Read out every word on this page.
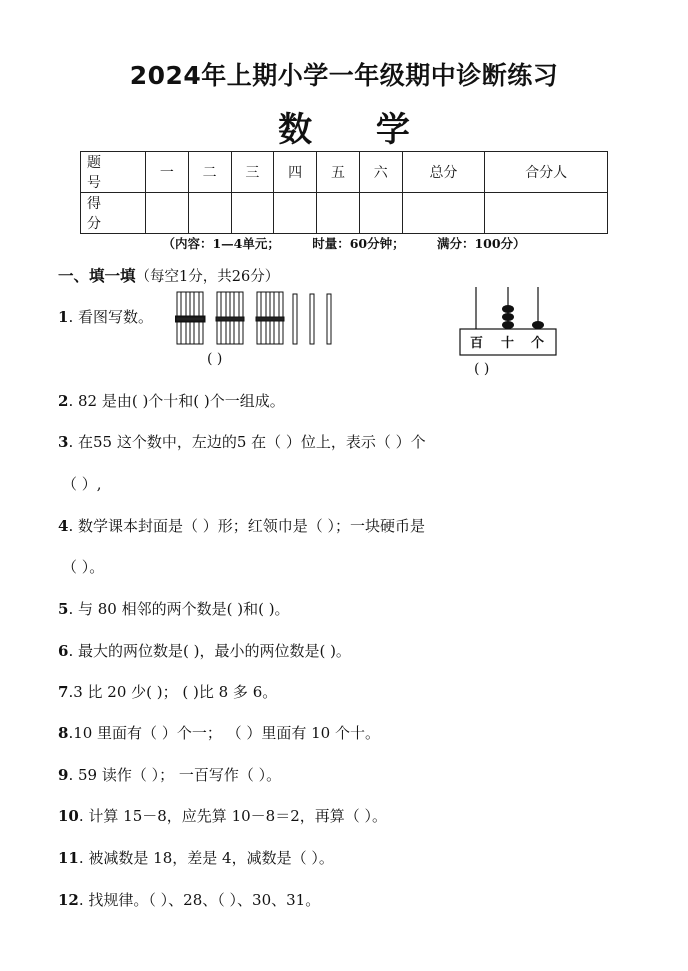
2024年上期小学一年级期中诊断练习
数 学
题 号	一	二	三	四	五	六	总分	合分人
得 分								
（内容：1—4单元；	时量：60分钟；	满分：100分）
一、填一填（每空1分，共26分）
1. 看图写数。
( )
百 十 个
( )
2. 82 是由( )个十和( )个一组成。
3. 在55 这个数中，左边的5 在（ ）位上，表示（ ）个
（ ）,
4. 数学课本封面是（ ）形；红领巾是（ ）；一块硬币是
（ ）。
5. 与 80 相邻的两个数是( )和( )。
6. 最大的两位数是( )，最小的两位数是( )。
7.3 比 20 少( )； ( )比 8 多 6。
8.10 里面有（ ）个一； （ ）里面有 10 个十。
9. 59 读作（ ）； 一百写作（ ）。
10. 计算 15－8，应先算 10－8＝2，再算（ ）。
11. 被减数是 18，差是 4，减数是（ ）。
12. 找规律。（ ）、28、（ ）、30、31。
